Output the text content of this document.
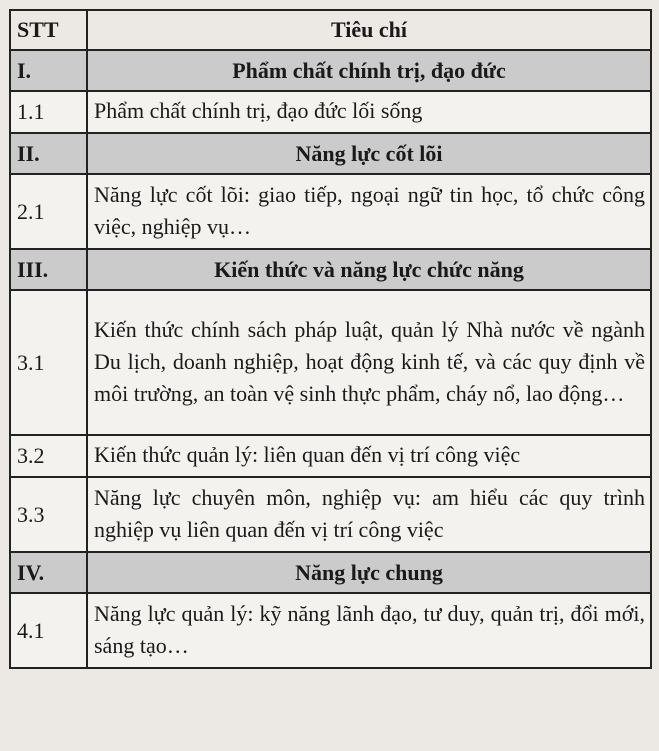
STT	Tiêu chí
I.	Phẩm chất chính trị, đạo đức
1.1	Phẩm chất chính trị, đạo đức lối sống
II.	Năng lực cốt lõi
2.1	Năng lực cốt lõi: giao tiếp, ngoại ngữ tin học, tổ chức công việc, nghiệp vụ…
III.	Kiến thức và năng lực chức năng
3.1	Kiến thức chính sách pháp luật, quản lý Nhà nước về ngành Du lịch, doanh nghiệp, hoạt động kinh tế, và các quy định về môi trường, an toàn vệ sinh thực phẩm, cháy nổ, lao động…
3.2	Kiến thức quản lý: liên quan đến vị trí công việc
3.3	Năng lực chuyên môn, nghiệp vụ: am hiểu các quy trình nghiệp vụ liên quan đến vị trí công việc
IV.	Năng lực chung
4.1	Năng lực quản lý: kỹ năng lãnh đạo, tư duy, quản trị, đổi mới, sáng tạo…
